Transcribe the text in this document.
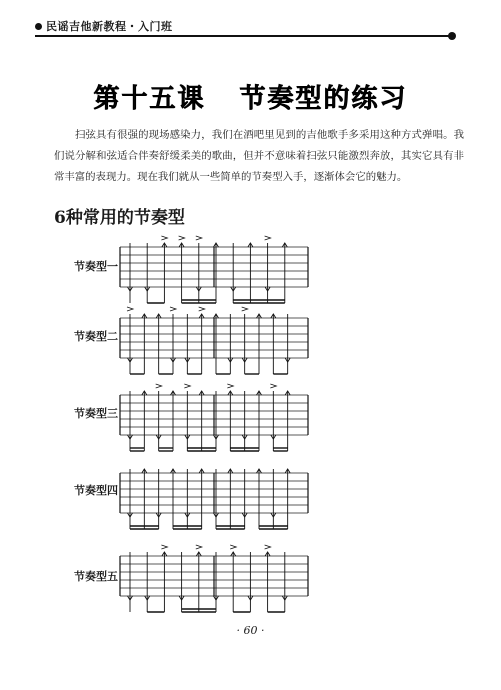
民谣吉他新教程・入门班
第十五课 节奏型的练习
扫弦具有很强的现场感染力，我们在酒吧里见到的吉他歌手多采用这种方式弹唱。我们说分解和弦适合伴奏舒缓柔美的歌曲，但并不意味着扫弦只能激烈奔放，其实它具有非常丰富的表现力。现在我们就从一些简单的节奏型入手，逐渐体会它的魅力。
6种常用的节奏型
节奏型一
节奏型二
节奏型三
节奏型四
节奏型五
· 60 ·
